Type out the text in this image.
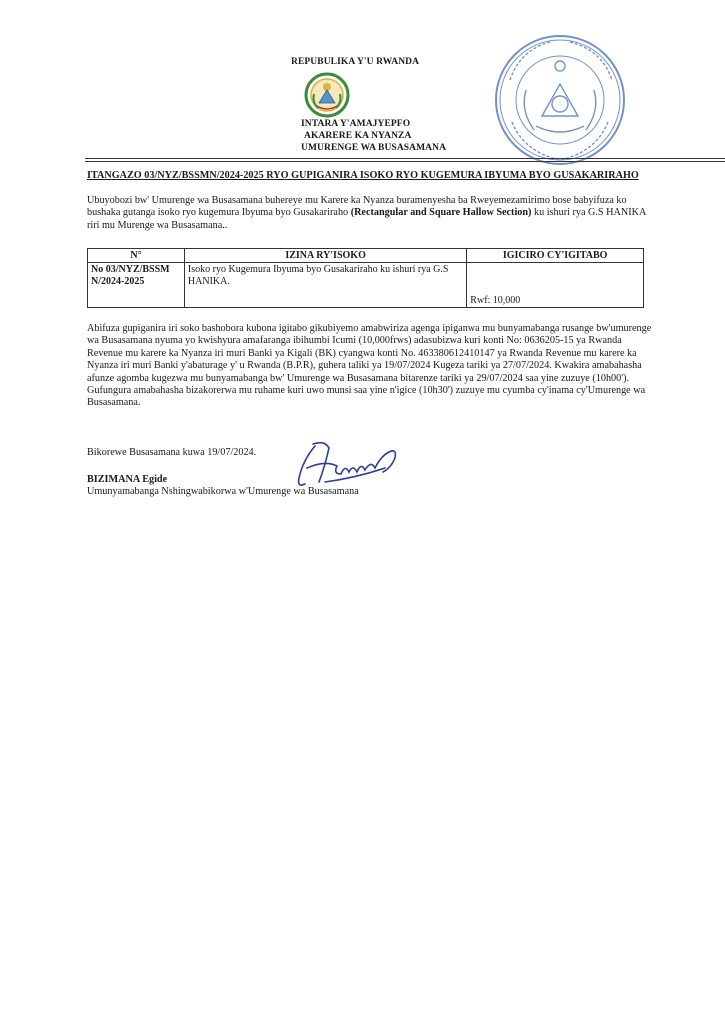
REPUBULIKA Y'U RWANDA
INTARA Y'AMAJYEPFO
AKARERE KA NYANZA
UMURENGE WA BUSASAMANA
ITANGAZO 03/NYZ/BSSMN/2024-2025 RYO GUPIGANIRA ISOKO RYO KUGEMURA IBYUMA BYO GUSAKARIRAHO
Ubuyobozi bw' Umurenge wa Busasamana buhereye mu Karere ka Nyanza buramenyesha ba Rweyemezamirimo bose babyifuza ko bushaka gutanga isoko ryo kugemura Ibyuma byo Gusakariraho (Rectangular and Square Hallow Section) ku ishuri rya G.S HANIKA riri mu Murenge wa Busasamana..
N°	IZINA RY'ISOKO	IGICIRO CY'IGITABO
No 03/NYZ/BSSM N/2024-2025	Isoko ryo Kugemura Ibyuma byo Gusakariraho ku ishuri rya G.S HANIKA.	Rwf: 10,000
Abifuza gupiganira iri soko bashobora kubona igitabo gikubiyemo amabwiriza agenga ipiganwa mu bunyamabanga rusange bw'umurenge wa Busasamana nyuma yo kwishyura amafaranga ibihumbi Icumi (10,000frws) adasubizwa kuri konti No: 0636205-15 ya Rwanda Revenue mu karere ka Nyanza iri muri Banki ya Kigali (BK) cyangwa konti No. 463380612410147 ya Rwanda Revenue mu karere ka Nyanza iri muri Banki y'abaturage y' u Rwanda (B.P.R), guhera taliki ya 19/07/2024 Kugeza tariki ya 27/07/2024. Kwakira amabahasha afunze agomba kugezwa mu bunyamabanga bw' Umurenge wa Busasamana bitarenze tariki ya 29/07/2024 saa yine zuzuye (10h00'). Gufungura amabahasha bizakorerwa mu ruhame kuri uwo munsi saa yine n'igice (10h30') zuzuye mu cyumba cy'inama cy'Umurenge wa Busasamana.
Bikorewe Busasamana kuwa 19/07/2024.
BIZIMANA Egide
Umunyamabanga Nshingwabikorwa w'Umurenge wa Busasamana
